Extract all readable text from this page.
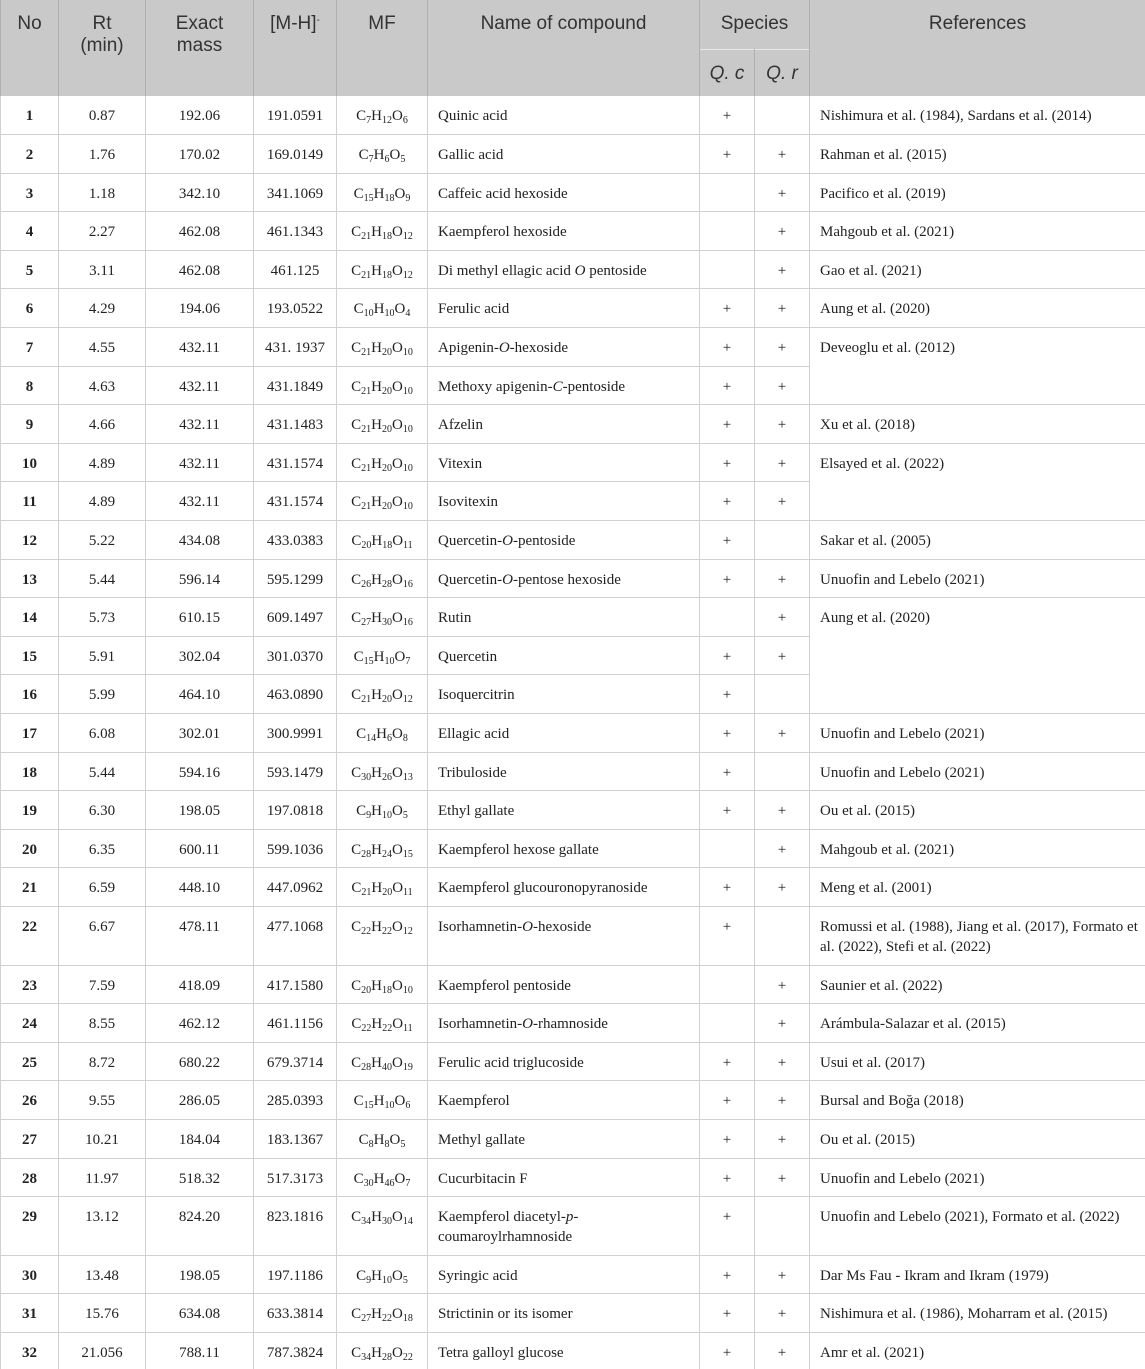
No	Rt (min)	Exact mass	[M-H]-	MF	Name of compound	Species		References
						Q. c	Q. r	
1	0.87	192.06	191.0591	$C_7H_{12}O_6$	Quinic acid	+		Nishimura et al. (1984), Sardans et al. (2014)
2	1.76	170.02	169.0149	$C_7H_6O_5$	Gallic acid	+	+	Rahman et al. (2015)
3	1.18	342.10	341.1069	$C_{15}H_{18}O_9$	Caffeic acid hexoside		+	Pacifico et al. (2019)
4	2.27	462.08	461.1343	$C_{21}H_{18}O_{12}$	Kaempferol hexoside		+	Mahgoub et al. (2021)
5	3.11	462.08	461.125	$C_{21}H_{18}O_{12}$	Di methyl ellagic acid O pentoside		+	Gao et al. (2021)
6	4.29	194.06	193.0522	$C_{10}H_{10}O_4$	Ferulic acid	+	+	Aung et al. (2020)
7	4.55	432.11	431. 1937	$C_{21}H_{20}O_{10}$	Apigenin-O-hexoside	+	+	Deveoglu et al. (2012)
8	4.63	432.11	431.1849	$C_{21}H_{20}O_{10}$	Methoxy apigenin-C-pentoside	+	+	
9	4.66	432.11	431.1483	$C_{21}H_{20}O_{10}$	Afzelin	+	+	Xu et al. (2018)
10	4.89	432.11	431.1574	$C_{21}H_{20}O_{10}$	Vitexin	+	+	Elsayed et al. (2022)
11	4.89	432.11	431.1574	$C_{21}H_{20}O_{10}$	Isovitexin	+	+	
12	5.22	434.08	433.0383	$C_{20}H_{18}O_{11}$	Quercetin-O-pentoside	+		Sakar et al. (2005)
13	5.44	596.14	595.1299	$C_{26}H_{28}O_{16}$	Quercetin-O-pentose hexoside	+	+	Unuofin and Lebelo (2021)
14	5.73	610.15	609.1497	$C_{27}H_{30}O_{16}$	Rutin		+	Aung et al. (2020)
15	5.91	302.04	301.0370	$C_{15}H_{10}O_7$	Quercetin	+	+	
16	5.99	464.10	463.0890	$C_{21}H_{20}O_{12}$	Isoquercitrin	+		
17	6.08	302.01	300.9991	$C_{14}H_6O_8$	Ellagic acid	+	+	Unuofin and Lebelo (2021)
18	5.44	594.16	593.1479	$C_{30}H_{26}O_{13}$	Tribuloside	+		Unuofin and Lebelo (2021)
19	6.30	198.05	197.0818	$C_9H_{10}O_5$	Ethyl gallate	+	+	Ou et al. (2015)
20	6.35	600.11	599.1036	$C_{28}H_{24}O_{15}$	Kaempferol hexose gallate		+	Mahgoub et al. (2021)
21	6.59	448.10	447.0962	$C_{21}H_{20}O_{11}$	Kaempferol glucouronopyranoside	+	+	Meng et al. (2001)
22	6.67	478.11	477.1068	$C_{22}H_{22}O_{12}$	Isorhamnetin-O-hexoside	+		Romussi et al. (1988), Jiang et al. (2017), Formato et al. (2022), Stefi et al. (2022)
23	7.59	418.09	417.1580	$C_{20}H_{18}O_{10}$	Kaempferol pentoside		+	Saunier et al. (2022)
24	8.55	462.12	461.1156	$C_{22}H_{22}O_{11}$	Isorhamnetin-O-rhamnoside		+	Arámbula-Salazar et al. (2015)
25	8.72	680.22	679.3714	$C_{28}H_{40}O_{19}$	Ferulic acid triglucoside	+	+	Usui et al. (2017)
26	9.55	286.05	285.0393	$C_{15}H_{10}O_6$	Kaempferol	+	+	Bursal and Boğa (2018)
27	10.21	184.04	183.1367	$C_8H_8O_5$	Methyl gallate	+	+	Ou et al. (2015)
28	11.97	518.32	517.3173	$C_{30}H_{46}O_7$	Cucurbitacin F	+	+	Unuofin and Lebelo (2021)
29	13.12	824.20	823.1816	$C_{34}H_{30}O_{14}$	Kaempferol diacetyl-p-coumaroylrhamnoside	+		Unuofin and Lebelo (2021), Formato et al. (2022)
30	13.48	198.05	197.1186	$C_9H_{10}O_5$	Syringic acid	+	+	Dar Ms Fau - Ikram and Ikram (1979)
31	15.76	634.08	633.3814	$C_{27}H_{22}O_{18}$	Strictinin or its isomer	+	+	Nishimura et al. (1986), Moharram et al. (2015)
32	21.056	788.11	787.3824	$C_{34}H_{28}O_{22}$	Tetra galloyl glucose	+	+	Amr et al. (2021)
